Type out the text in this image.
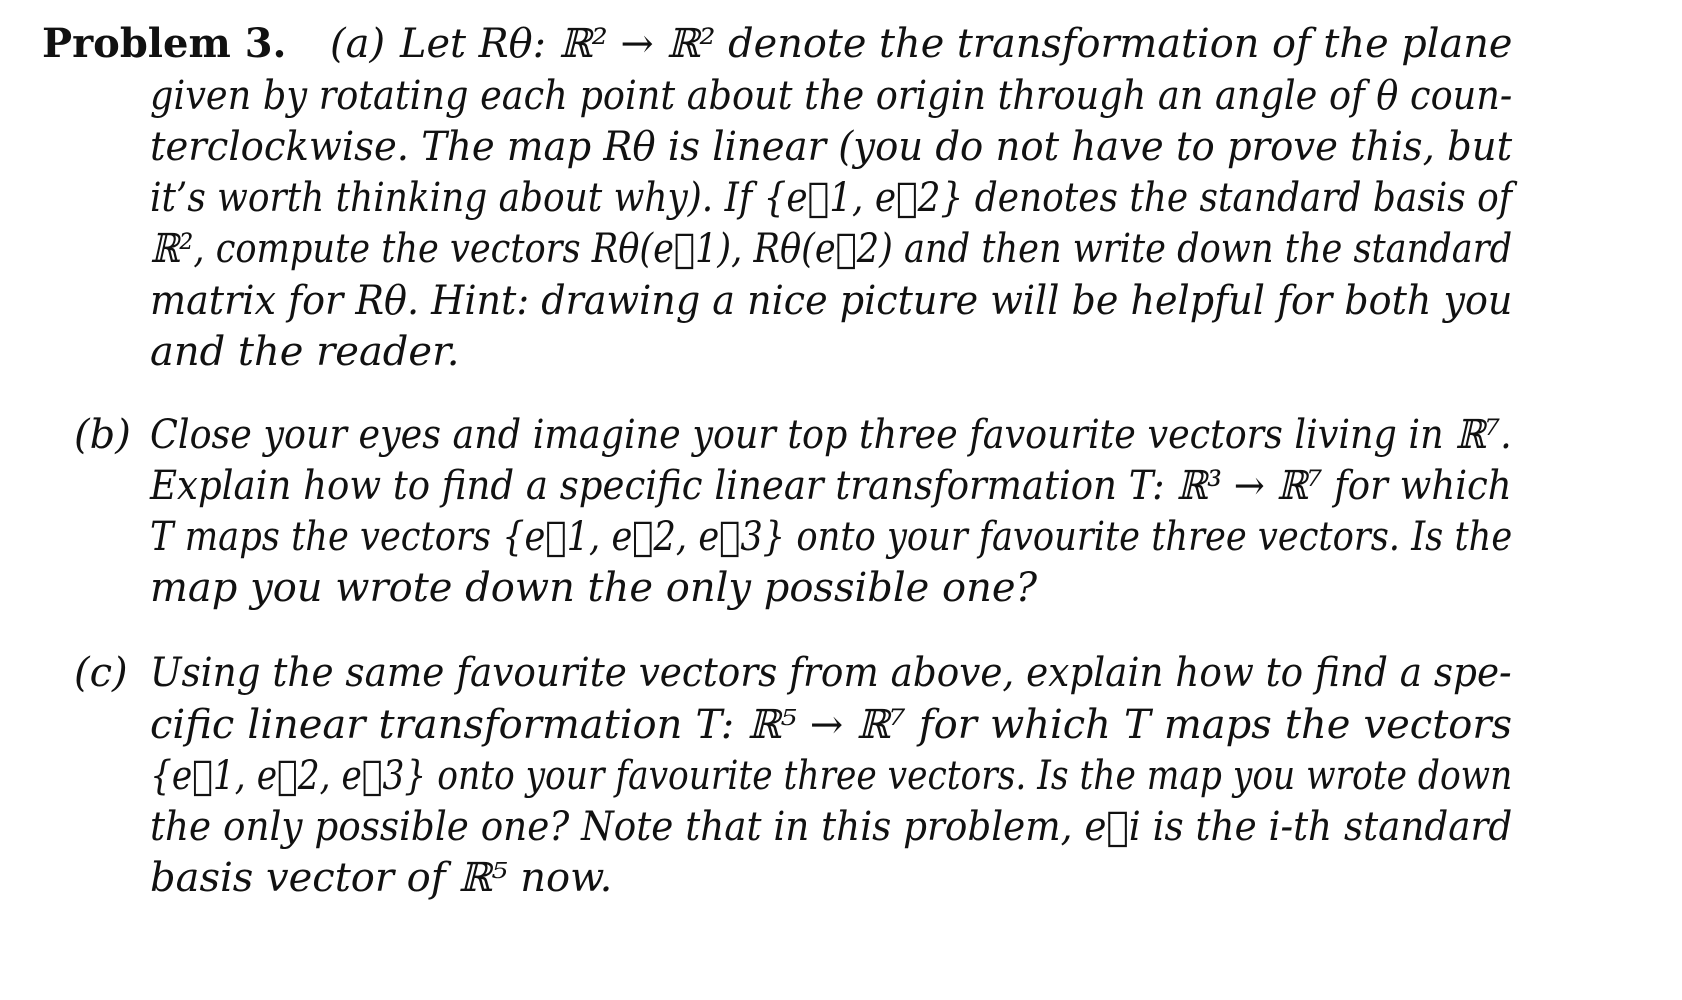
Problem 3. (a) Let Rθ: ℝ² → ℝ² denote the transformation of the plane
given by rotating each point about the origin through an angle of θ coun-
terclockwise. The map Rθ is linear (you do not have to prove this, but
it’s worth thinking about why). If {e⃗1, e⃗2} denotes the standard basis of
ℝ², compute the vectors Rθ(e⃗1), Rθ(e⃗2) and then write down the standard
matrix for Rθ. Hint: drawing a nice picture will be helpful for both you
and the reader.
(b) Close your eyes and imagine your top three favourite vectors living in ℝ⁷.
Explain how to find a specific linear transformation T: ℝ³ → ℝ⁷ for which
T maps the vectors {e⃗1, e⃗2, e⃗3} onto your favourite three vectors. Is the
map you wrote down the only possible one?
(c) Using the same favourite vectors from above, explain how to find a spe-
cific linear transformation T: ℝ⁵ → ℝ⁷ for which T maps the vectors
{e⃗1, e⃗2, e⃗3} onto your favourite three vectors. Is the map you wrote down
the only possible one? Note that in this problem, e⃗i is the i-th standard
basis vector of ℝ⁵ now.
